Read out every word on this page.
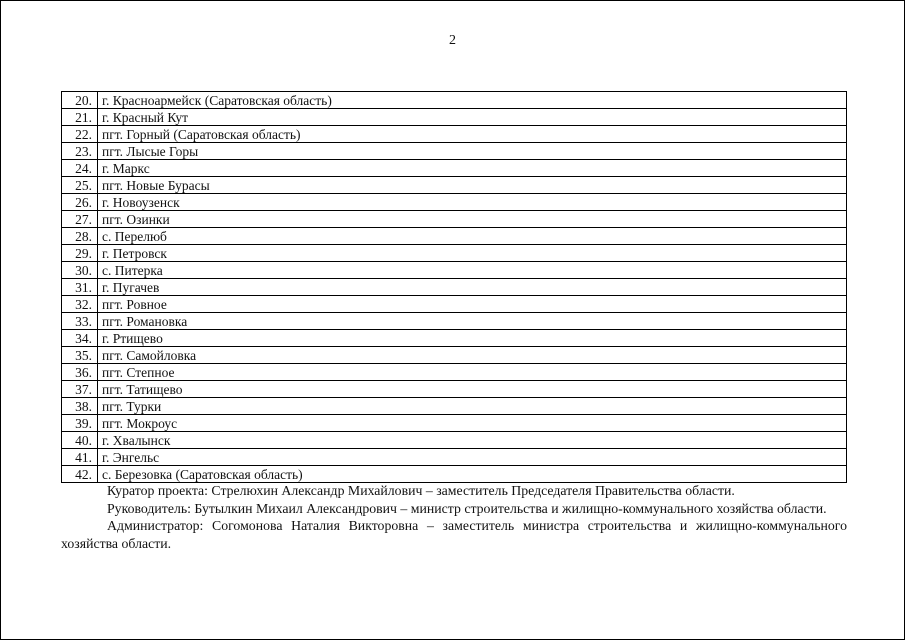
2
20.	г. Красноармейск (Саратовская область)
21.	г. Красный Кут
22.	пгт. Горный (Саратовская область)
23.	пгт. Лысые Горы
24.	г. Маркс
25.	пгт. Новые Бурасы
26.	г. Новоузенск
27.	пгт. Озинки
28.	с. Перелюб
29.	г. Петровск
30.	с. Питерка
31.	г. Пугачев
32.	пгт. Ровное
33.	пгт. Романовка
34.	г. Ртищево
35.	пгт. Самойловка
36.	пгт. Степное
37.	пгт. Татищево
38.	пгт. Турки
39.	пгт. Мокроус
40.	г. Хвалынск
41.	г. Энгельс
42.	с. Березовка (Саратовская область)

Куратор проекта: Стрелюхин Александр Михайлович – заместитель Председателя Правительства области.

Руководитель: Бутылкин Михаил Александрович – министр строительства и жилищно-коммунального хозяйства области.

Администратор: Согомонова Наталия Викторовна – заместитель министра строительства и жилищно-коммунального хозяйства области.
